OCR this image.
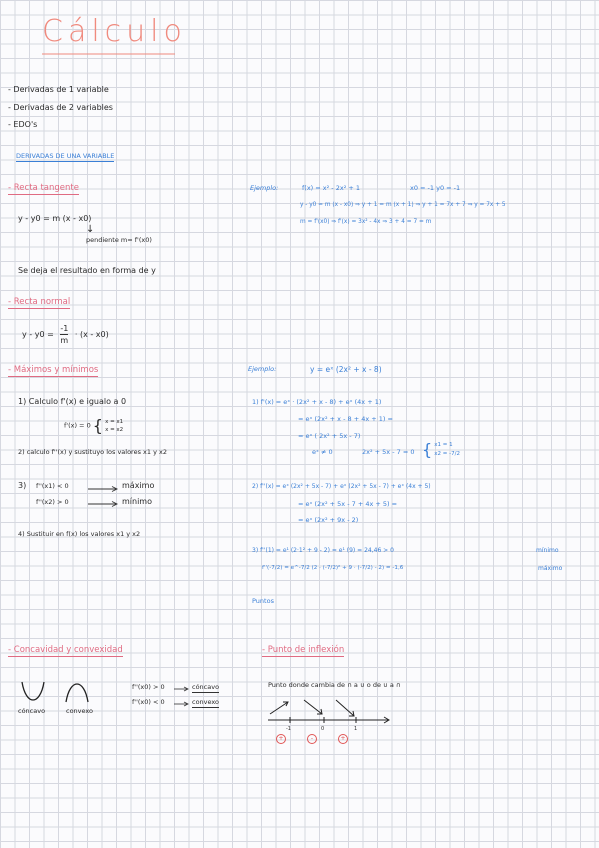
Cálculo
- Derivadas de 1 variable
- Derivadas de 2 variables
- EDO's
DERIVADAS DE UNA VARIABLE
- Recta tangente
y - y0 = m (x - x0)
↓
pendiente m= f'(x0)
Se deja el resultado en forma de y
Ejemplo:	f(x) = x² - 2x² + 1	x0 = -1 y0 = -1
y - y0 = m (x - x0) ⇒ y + 1 = m (x + 1) ⇒ y + 1 = 7x + 7 ⇒ y = 7x + 5
m = f'(x0) ⇒ f'(x) = 3x² - 4x ⇒ 3 + 4 = 7 = m
- Recta normal
$y - y0 = \frac{-1}{m} \cdot (x - x0)$
- Máximos y mínimos
1) Calculo f'(x) e igualo a 0
f'(x) = 0 { x = x1
x = x2
2) calculo f''(x) y sustituyo los valores x1 y x2
3) f''(x1) < 0	máximo
f''(x2) > 0	mínimo
4) Sustituir en f(x) los valores x1 y x2
Ejemplo:	y = eˣ (2x² + x - 8)
1) f'(x) = eˣ · (2x² + x - 8) + eˣ (4x + 1)
= eˣ (2x² + x - 8 + 4x + 1) =
= eˣ ( 2x² + 5x - 7)
eˣ ≠ 0	2x² + 5x - 7 = 0 { x1 = 1
x2 = -7/2
2) f''(x) = eˣ (2x² + 5x - 7) + eˣ (2x² + 5x - 7) + eˣ (4x + 5)
= eˣ (2x² + 5x - 7 + 4x + 5) =
= eˣ (2x² + 9x - 2)
3) f''(1) = e¹ (2·1² + 9 - 2) = e¹ (9) = 24,46 > 0	mínimo
f''(-7/2) = e^-7/2 (2 · (-7/2)² + 9 · (-7/2) - 2) = -1,6	máximo
Puntos
- Concavidad y convexidad
cóncavo	convexo
f''(x0) > 0	cóncavo
f''(x0) < 0	convexo
- Punto de inflexión
Punto donde cambia de ∩ a ∪ o de ∪ a ∩
-1	0	1
+	-	+
